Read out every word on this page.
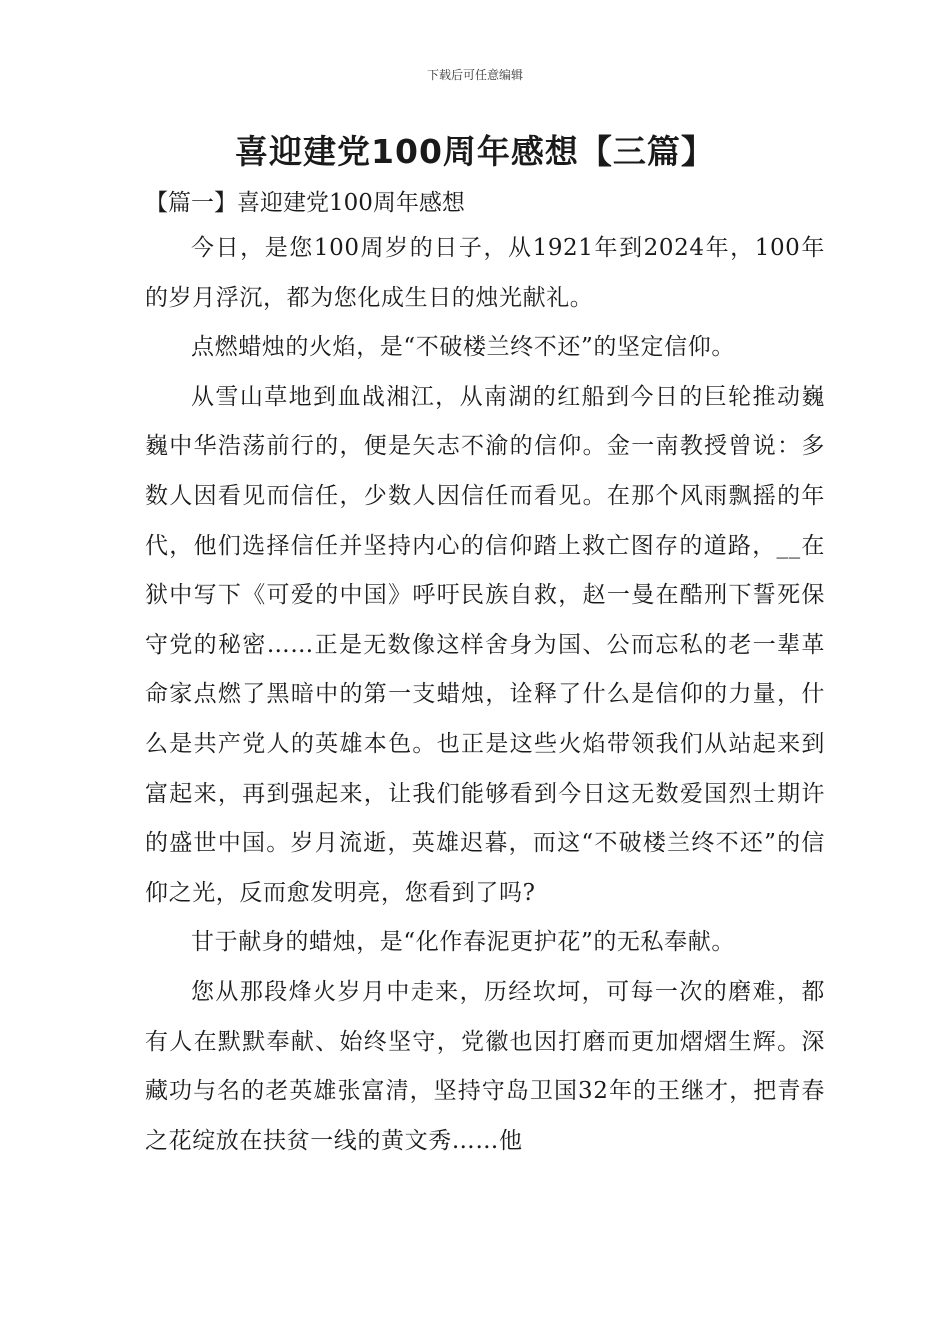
下载后可任意编辑
喜迎建党100周年感想【三篇】
【篇一】喜迎建党100周年感想

今日，是您100周岁的日子，从1921年到2024年，100年的岁月浮沉，都为您化成生日的烛光献礼。

点燃蜡烛的火焰，是“不破楼兰终不还”的坚定信仰。

从雪山草地到血战湘江，从南湖的红船到今日的巨轮推动巍巍中华浩荡前行的，便是矢志不渝的信仰。金一南教授曾说：多数人因看见而信任，少数人因信任而看见。在那个风雨飘摇的年代，他们选择信任并坚持内心的信仰踏上救亡图存的道路，__在狱中写下《可爱的中国》呼吁民族自救，赵一曼在酷刑下誓死保守党的秘密……正是无数像这样舍身为国、公而忘私的老一辈革命家点燃了黑暗中的第一支蜡烛，诠释了什么是信仰的力量，什么是共产党人的英雄本色。也正是这些火焰带领我们从站起来到富起来，再到强起来，让我们能够看到今日这无数爱国烈士期许的盛世中国。岁月流逝，英雄迟暮，而这“不破楼兰终不还”的信仰之光，反而愈发明亮，您看到了吗?

甘于献身的蜡烛，是“化作春泥更护花”的无私奉献。

您从那段烽火岁月中走来，历经坎坷，可每一次的磨难，都有人在默默奉献、始终坚守，党徽也因打磨而更加熠熠生辉。深藏功与名的老英雄张富清，坚持守岛卫国32年的王继才，把青春之花绽放在扶贫一线的黄文秀……他
